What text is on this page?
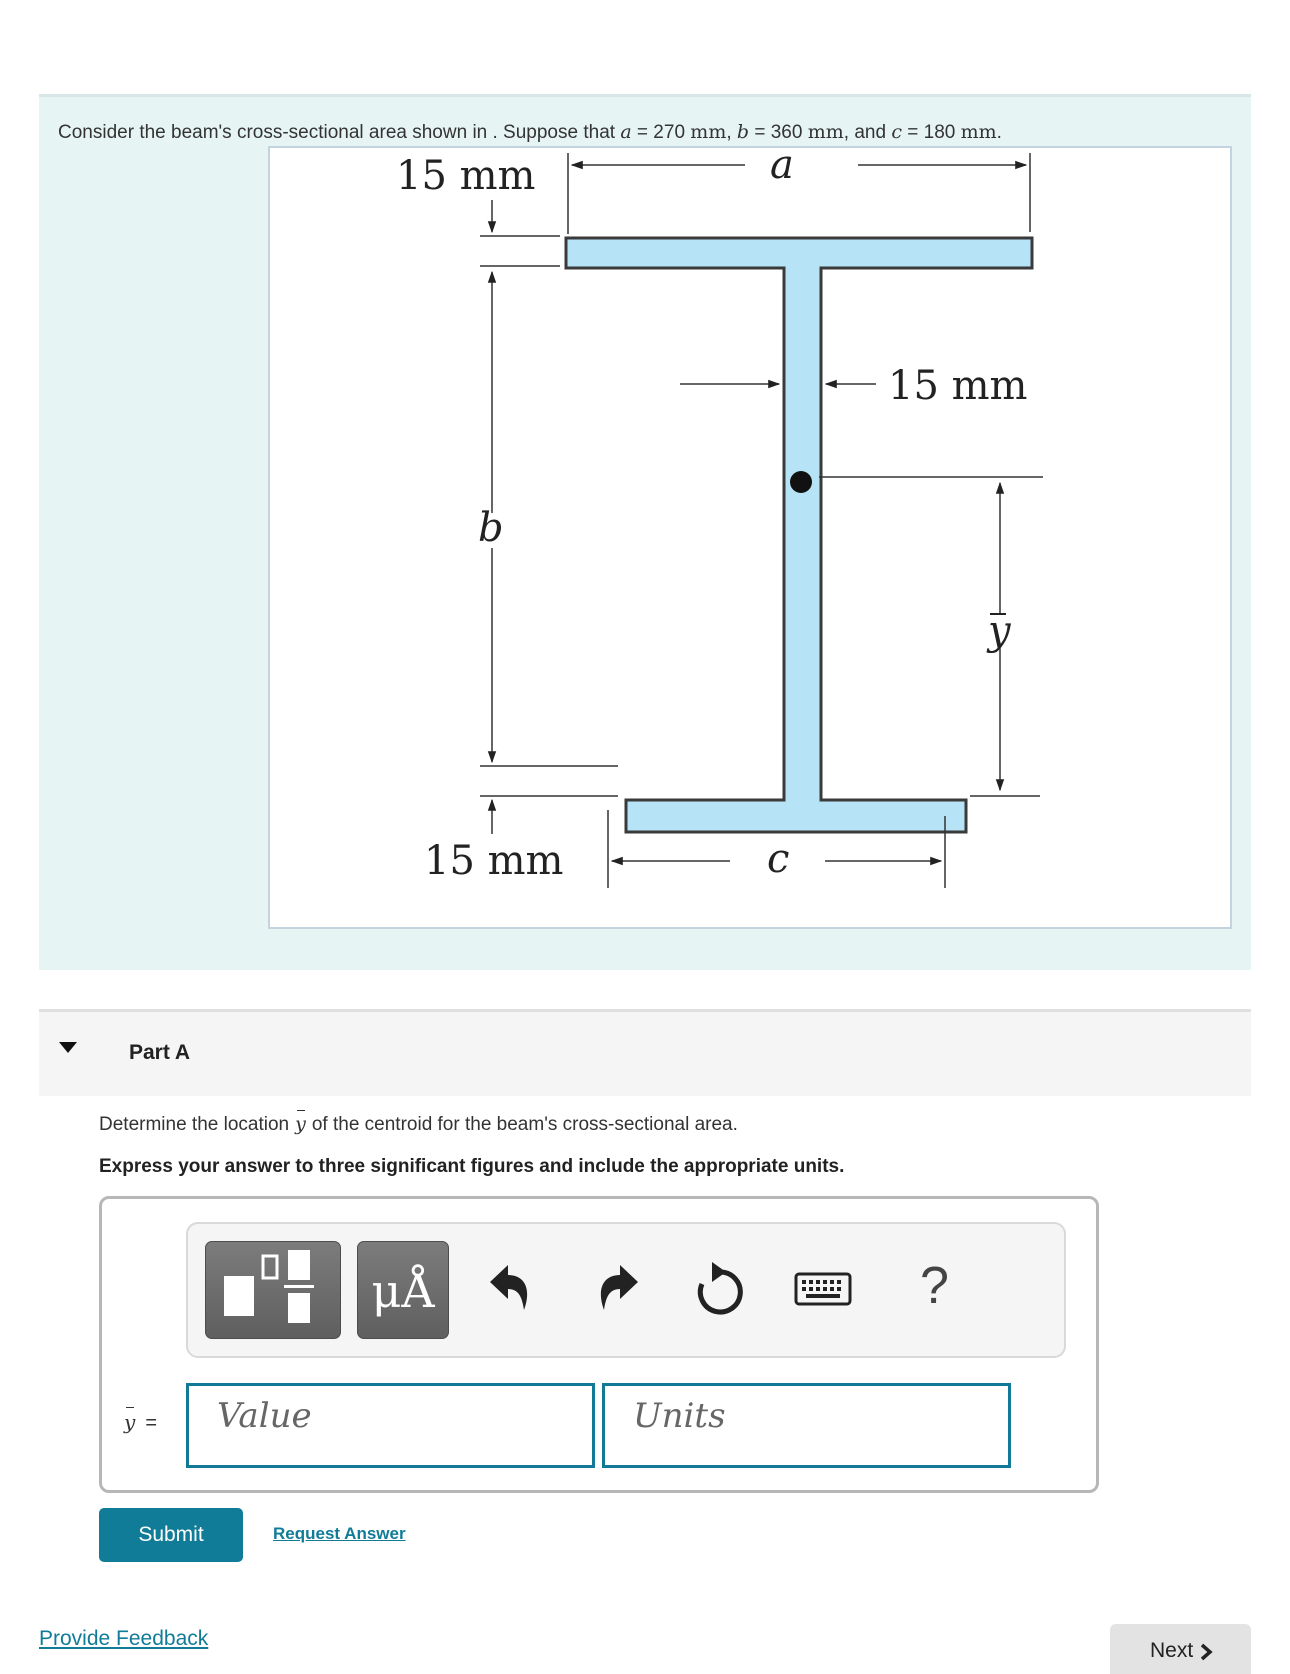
Consider the beam's cross-sectional area shown in . Suppose that a = 270 mm, b = 360 mm, and c = 180 mm.
a
15 mm
b
15 mm
y
15 mm	c
Part A
Determine the location y of the centroid for the beam's cross-sectional area.
Express your answer to three significant figures and include the appropriate units.
μÅ	?
y = Value	Units
Submit	Request Answer
Provide Feedback
Next
